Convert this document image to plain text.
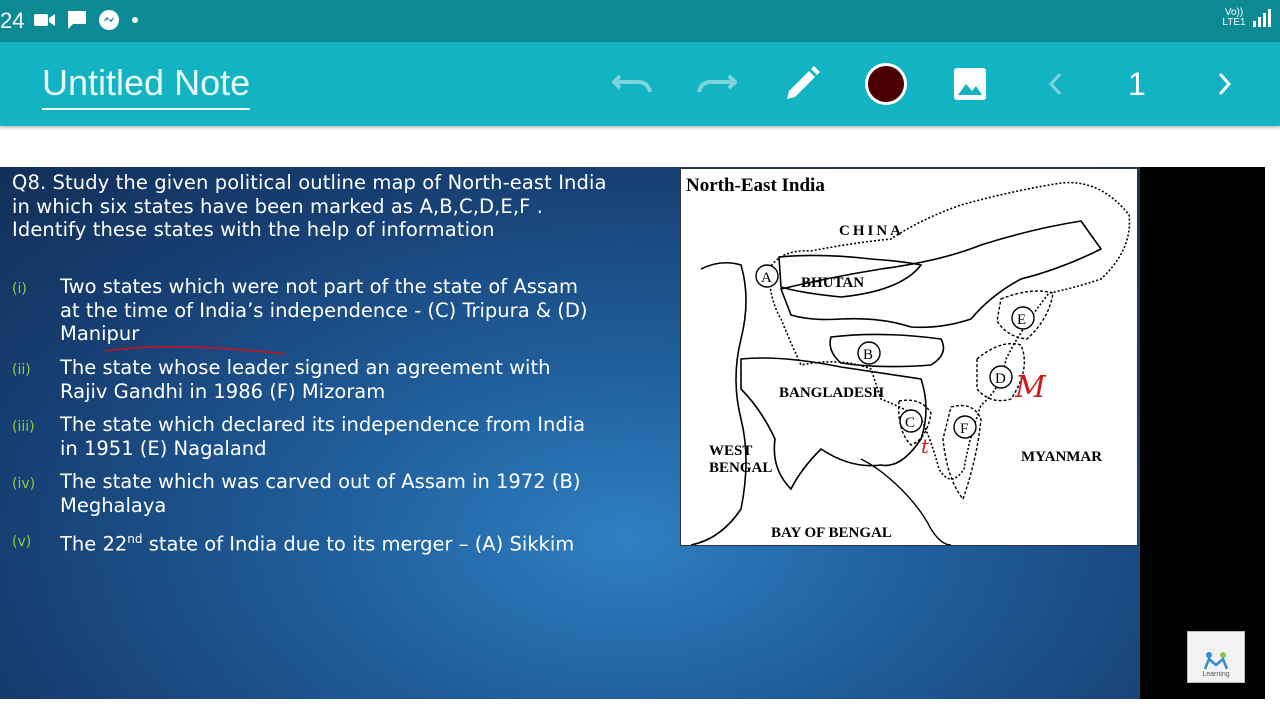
24	Vo)) LTE1
Untitled Note	1
Q8. Study the given political outline map of North-east India in which six states have been marked as A,B,C,D,E,F . Identify these states with the help of information
(i) Two states which were not part of the state of Assam at the time of India’s independence - (C) Tripura & (D) Manipur
(ii) The state whose leader signed an agreement with Rajiv Gandhi in 1986 (F) Mizoram
(iii) The state which declared its independence from India in 1951 (E) Nagaland
(iv) The state which was carved out of Assam in 1972 (B) Meghalaya
(v) The 22nd state of India due to its merger – (A) Sikkim
North-East India
CHINA
BHUTAN
BANGLADESH
WEST
BENGAL
MYANMAR
BAY OF BENGAL
A
B
C
D
E
F
M
t
Learning
